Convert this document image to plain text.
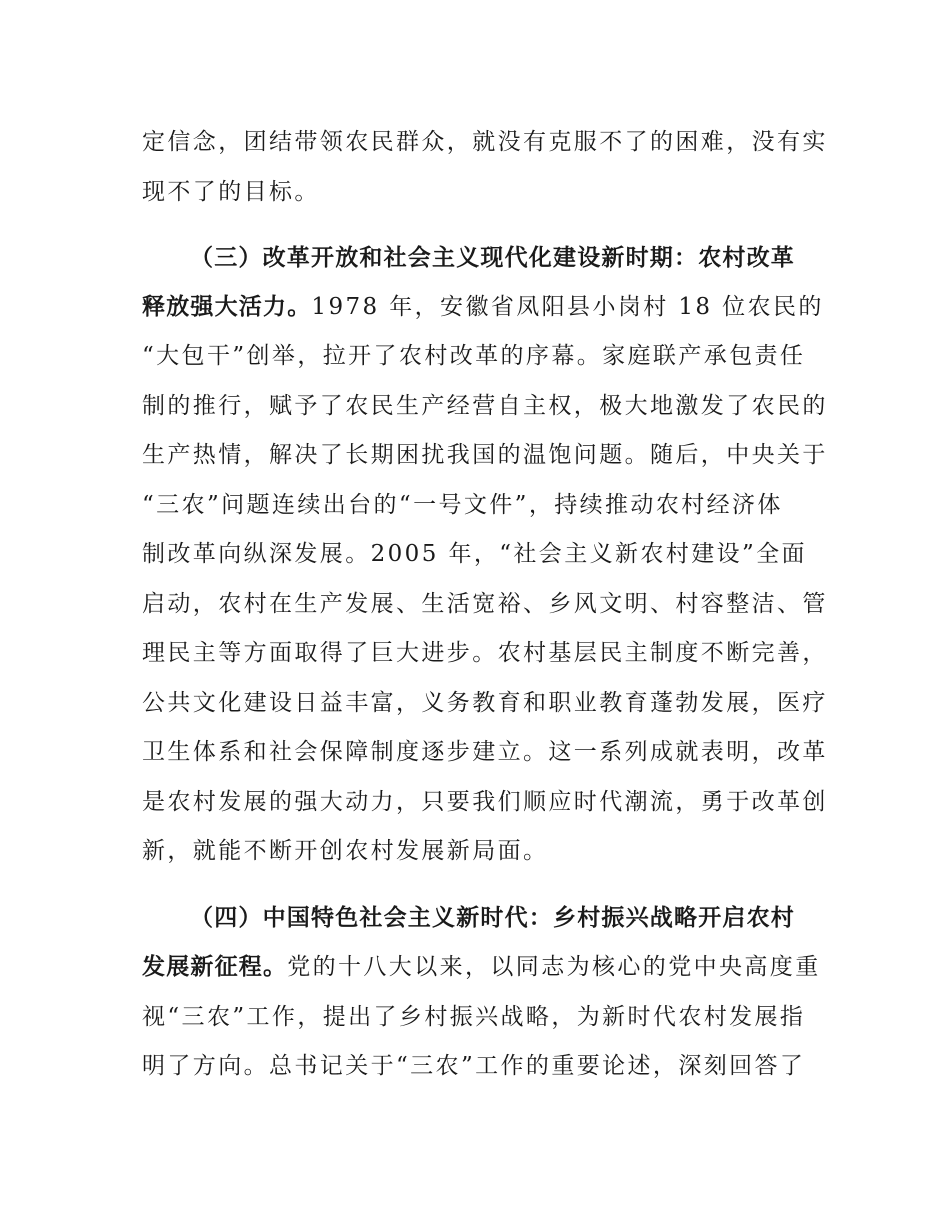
定信念，团结带领农民群众，就没有克服不了的困难，没有实
现不了的目标。
（三）改革开放和社会主义现代化建设新时期：农村改革
释放强大活力。1978 年，安徽省凤阳县小岗村 18 位农民的
“大包干”创举，拉开了农村改革的序幕。家庭联产承包责任
制的推行，赋予了农民生产经营自主权，极大地激发了农民的
生产热情，解决了长期困扰我国的温饱问题。随后，中央关于
“三农”问题连续出台的“一号文件”，持续推动农村经济体
制改革向纵深发展。2005 年，“社会主义新农村建设”全面
启动，农村在生产发展、生活宽裕、乡风文明、村容整洁、管
理民主等方面取得了巨大进步。农村基层民主制度不断完善，
公共文化建设日益丰富，义务教育和职业教育蓬勃发展，医疗
卫生体系和社会保障制度逐步建立。这一系列成就表明，改革
是农村发展的强大动力，只要我们顺应时代潮流，勇于改革创
新，就能不断开创农村发展新局面。
（四）中国特色社会主义新时代：乡村振兴战略开启农村
发展新征程。党的十八大以来，以同志为核心的党中央高度重
视“三农”工作，提出了乡村振兴战略，为新时代农村发展指
明了方向。总书记关于“三农”工作的重要论述，深刻回答了
